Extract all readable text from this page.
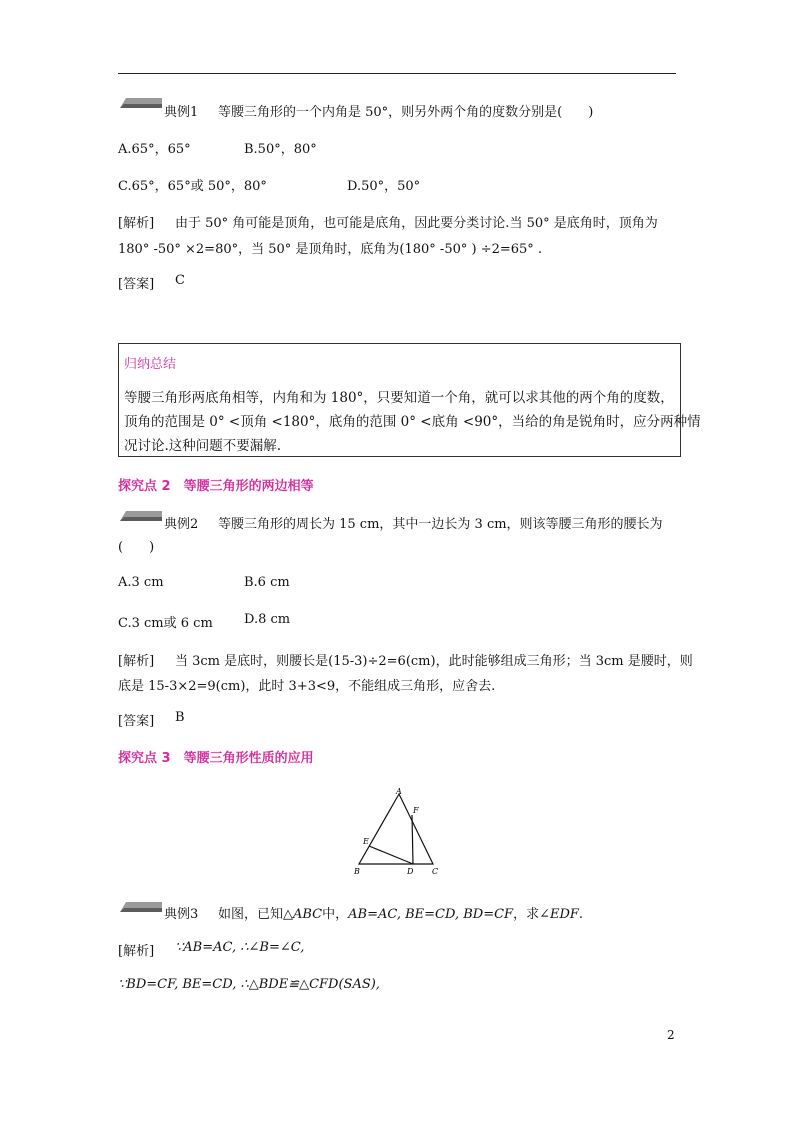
典例1 等腰三角形的一个内角是 50°，则另外两个角的度数分别是(　　)
A.65°，65°	B.50°，80°
C.65°，65°或 50°，80°	D.50°，50°
[解析] 由于 50° 角可能是顶角，也可能是底角，因此要分类讨论.当 50° 是底角时，顶角为
180° -50° ×2=80°，当 50° 是顶角时，底角为(180° -50° ) ÷2=65° .
[答案] C
归纳总结
等腰三角形两底角相等，内角和为 180°，只要知道一个角，就可以求其他的两个角的度数，
顶角的范围是 0° <顶角 <180°，底角的范围 0° <底角 <90°，当给的角是锐角时，应分两种情
况讨论.这种问题不要漏解.
探究点 2　等腰三角形的两边相等
典例2 等腰三角形的周长为 15 cm，其中一边长为 3 cm，则该等腰三角形的腰长为
(　　)
A.3 cm	B.6 cm
C.3 cm或 6 cm D.8 cm
[解析] 当 3cm 是底时，则腰长是(15-3)÷2=6(cm)，此时能够组成三角形；当 3cm 是腰时，则
底是 15-3×2=9(cm)，此时 3+3<9，不能组成三角形，应舍去.
[答案] B
探究点 3　等腰三角形性质的应用
A
F
E
B	D C
典例3 如图，已知△ABC中，AB=AC, BE=CD, BD=CF，求∠EDF.
[解析] ∵AB=AC, ∴∠B=∠C,
∵BD=CF, BE=CD, ∴△BDE≌△CFD(SAS),
2
